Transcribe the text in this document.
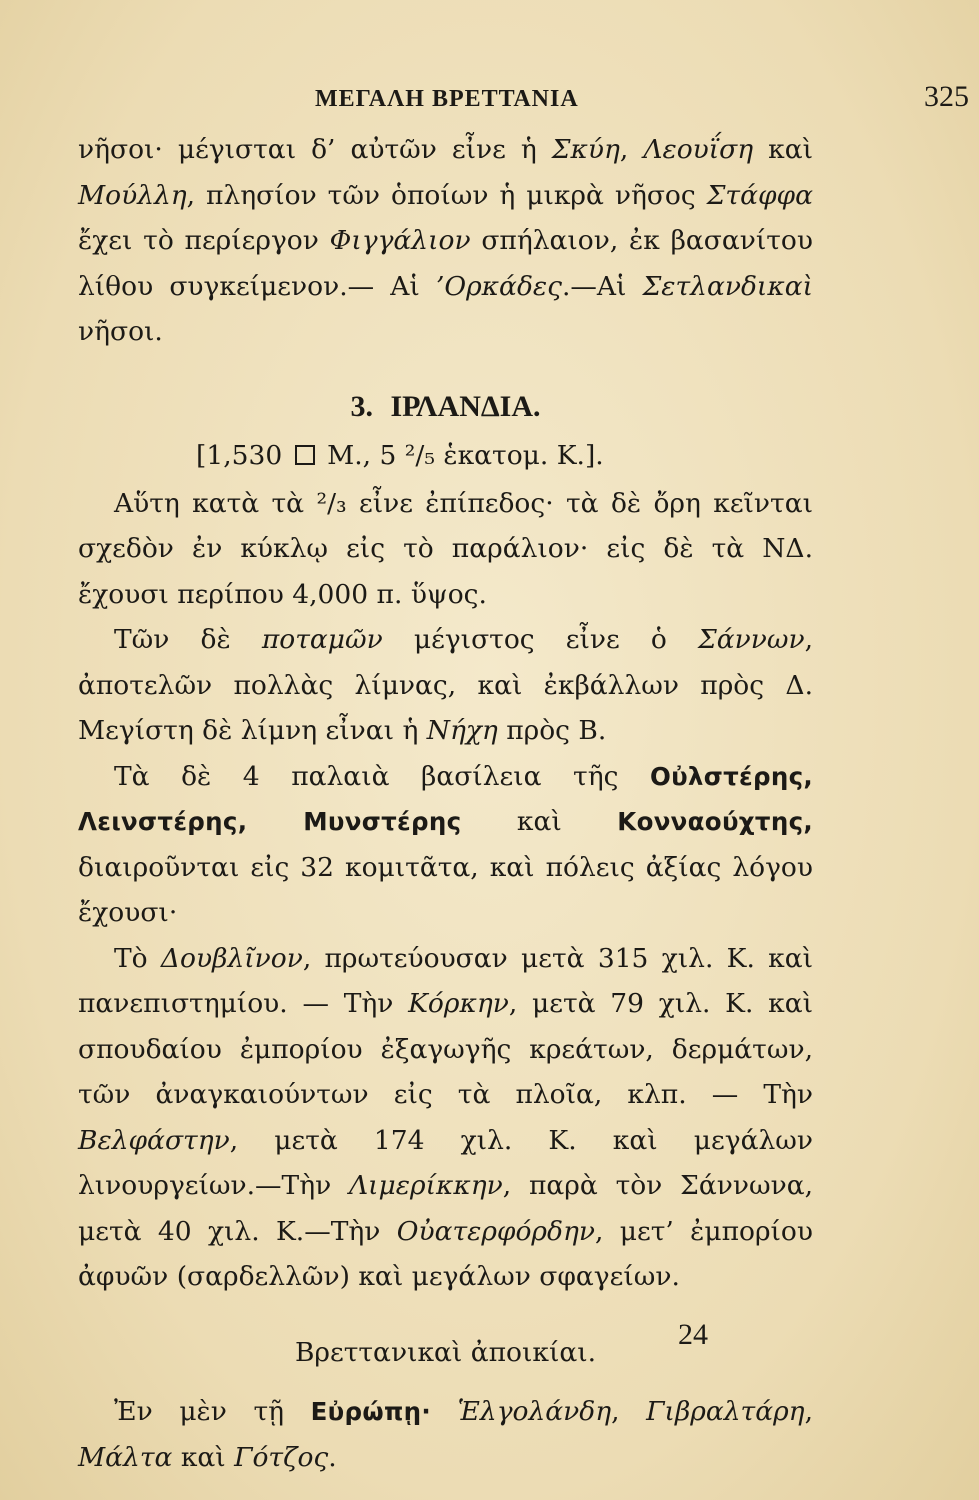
ΜΕΓΑΛΗ ΒΡΕΤΤΑΝΙΑ	325

νῆσοι· μέγισται δ’ αὐτῶν εἶνε ἡ Σκύη, Λεουΐση καὶ Μούλλη, πλησίον τῶν ὁποίων ἡ μικρὰ νῆσος Στάφφα ἔχει τὸ περίεργον Φιγγάλιον σπήλαιον, ἐκ βασανίτου λίθου συγκείμενον.— Αἱ ’Ορκάδες.—Αἱ Σετλανδικαὶ νῆσοι.

3. ΙΡΛΑΝΔΙΑ.

[1,530 Μ., 5 ²/₅ ἑκατομ. Κ.].

Αὕτη κατὰ τὰ ²/₃ εἶνε ἐπίπεδος· τὰ δὲ ὄρη κεῖνται σχεδὸν ἐν κύκλῳ εἰς τὸ παράλιον· εἰς δὲ τὰ ΝΔ. ἔχουσι περίπου 4,000 π. ὕψος.

Τῶν δὲ ποταμῶν μέγιστος εἶνε ὁ Σάννων, ἀποτελῶν πολλὰς λίμνας, καὶ ἐκβάλλων πρὸς Δ. Μεγίστη δὲ λίμνη εἶναι ἡ Νήχη πρὸς Β.

Τὰ δὲ 4 παλαιὰ βασίλεια τῆς Οὐλστέρης, Λεινστέρης, Μυνστέρης καὶ Κονναούχτης, διαιροῦνται εἰς 32 κομιτᾶτα, καὶ πόλεις ἀξίας λόγου ἔχουσι·

Τὸ Δουβλῖνον, πρωτεύουσαν μετὰ 315 χιλ. Κ. καὶ πανεπιστημίου. — Τὴν Κόρκην, μετὰ 79 χιλ. Κ. καὶ σπουδαίου ἐμπορίου ἐξαγωγῆς κρεάτων, δερμάτων, τῶν ἀναγκαιούντων εἰς τὰ πλοῖα, κλπ. — Τὴν Βελφάστην, μετὰ 174 χιλ. Κ. καὶ μεγάλων λινουργείων.—Τὴν Λιμερίκκην, παρὰ τὸν Σάννωνα, μετὰ 40 χιλ. Κ.—Τὴν Οὐατερφόρδην, μετ’ ἐμπορίου ἀφυῶν (σαρδελλῶν) καὶ μεγάλων σφαγείων.

Βρεττανικαὶ ἀποικίαι.

Ἐν μὲν τῇ Εὐρώπῃ· Ἑλγολάνδη, Γιβραλτάρη, Μάλτα καὶ Γότζος.

24
